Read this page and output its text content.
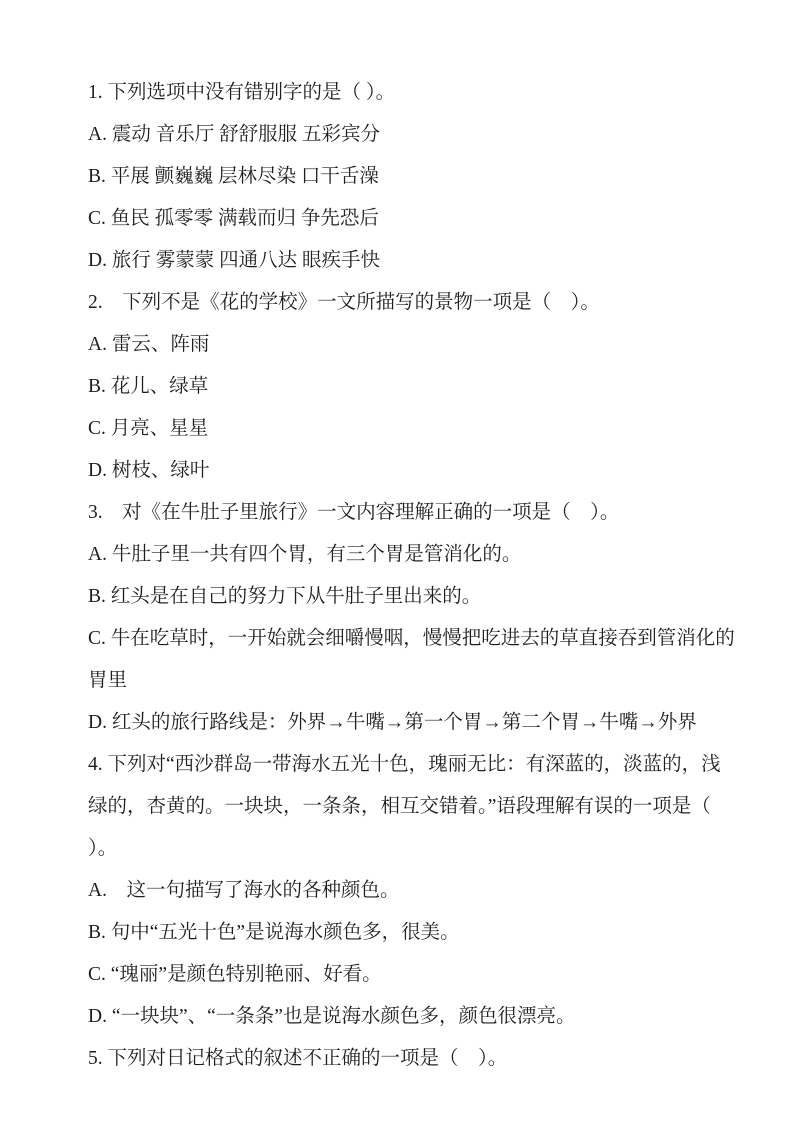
1. 下列选项中没有错别字的是（ ）。

A. 震动 音乐厅 舒舒服服 五彩宾分

B. 平展 颤巍巍 层林尽染 口干舌澡

C. 鱼民 孤零零 满载而归 争先恐后

D. 旅行 雾蒙蒙 四通八达 眼疾手快

2.　下列不是《花的学校》一文所描写的景物一项是（　）。

A. 雷云、阵雨

B. 花儿、绿草

C. 月亮、星星

D. 树枝、绿叶

3.　对《在牛肚子里旅行》一文内容理解正确的一项是（　）。

A. 牛肚子里一共有四个胃，有三个胃是管消化的。

B. 红头是在自己的努力下从牛肚子里出来的。

C. 牛在吃草时，一开始就会细嚼慢咽，慢慢把吃进去的草直接吞到管消化的胃里

D. 红头的旅行路线是：外界→牛嘴→第一个胃→第二个胃→牛嘴→外界

4. 下列对“西沙群岛一带海水五光十色，瑰丽无比：有深蓝的，淡蓝的，浅绿的，杏黄的。一块块，一条条，相互交错着。”语段理解有误的一项是（　　）。

A.　这一句描写了海水的各种颜色。

B. 句中“五光十色”是说海水颜色多，很美。

C. “瑰丽”是颜色特别艳丽、好看。

D. “一块块”、“一条条”也是说海水颜色多，颜色很漂亮。

5. 下列对日记格式的叙述不正确的一项是（　）。
